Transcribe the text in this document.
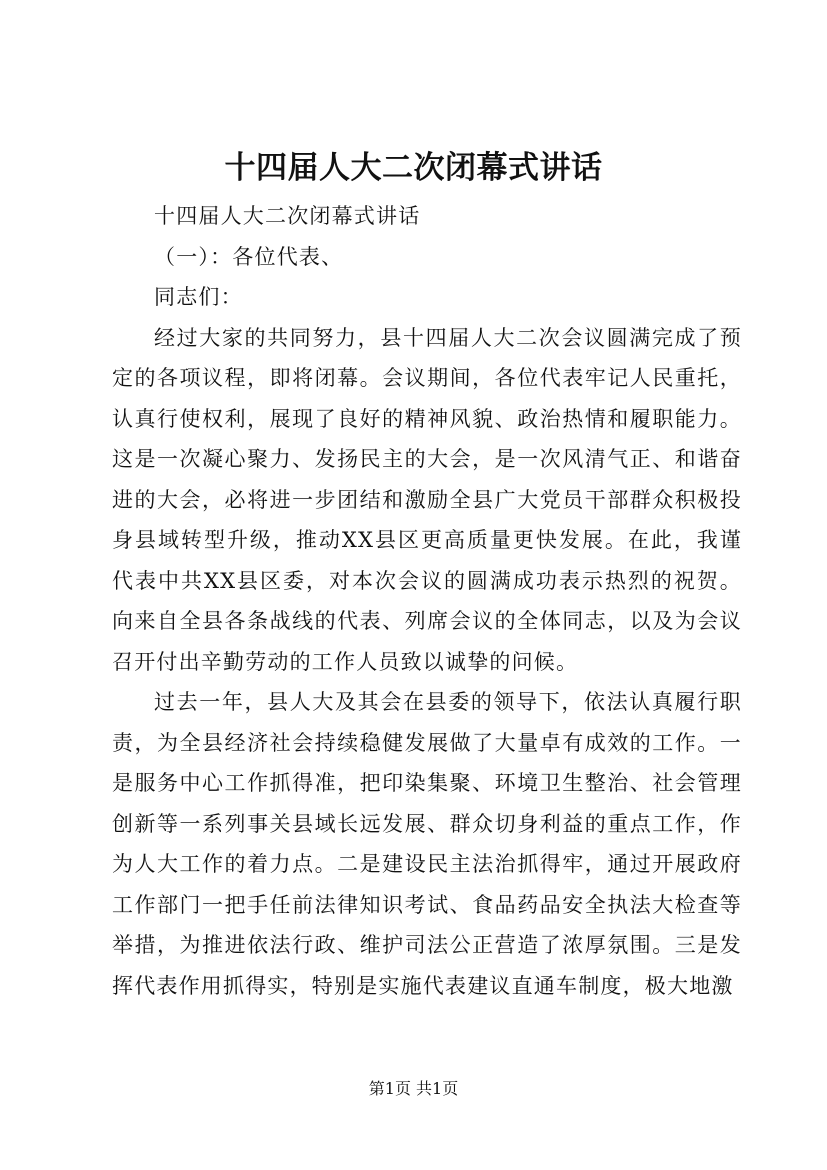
十四届人大二次闭幕式讲话

十四届人大二次闭幕式讲话

（一）：各位代表、

同志们：

经过大家的共同努力，县十四届人大二次会议圆满完成了预定的各项议程，即将闭幕。会议期间，各位代表牢记人民重托，认真行使权利，展现了良好的精神风貌、政治热情和履职能力。这是一次凝心聚力、发扬民主的大会，是一次风清气正、和谐奋进的大会，必将进一步团结和激励全县广大党员干部群众积极投身县域转型升级，推动XX县区更高质量更快发展。在此，我谨代表中共XX县区委，对本次会议的圆满成功表示热烈的祝贺。向来自全县各条战线的代表、列席会议的全体同志，以及为会议召开付出辛勤劳动的工作人员致以诚挚的问候。

过去一年，县人大及其会在县委的领导下，依法认真履行职责，为全县经济社会持续稳健发展做了大量卓有成效的工作。一是服务中心工作抓得准，把印染集聚、环境卫生整治、社会管理创新等一系列事关县域长远发展、群众切身利益的重点工作，作为人大工作的着力点。二是建设民主法治抓得牢，通过开展政府工作部门一把手任前法律知识考试、食品药品安全执法大检查等举措，为推进依法行政、维护司法公正营造了浓厚氛围。三是发挥代表作用抓得实，特别是实施代表建议直通车制度，极大地激

第1页 共1页
